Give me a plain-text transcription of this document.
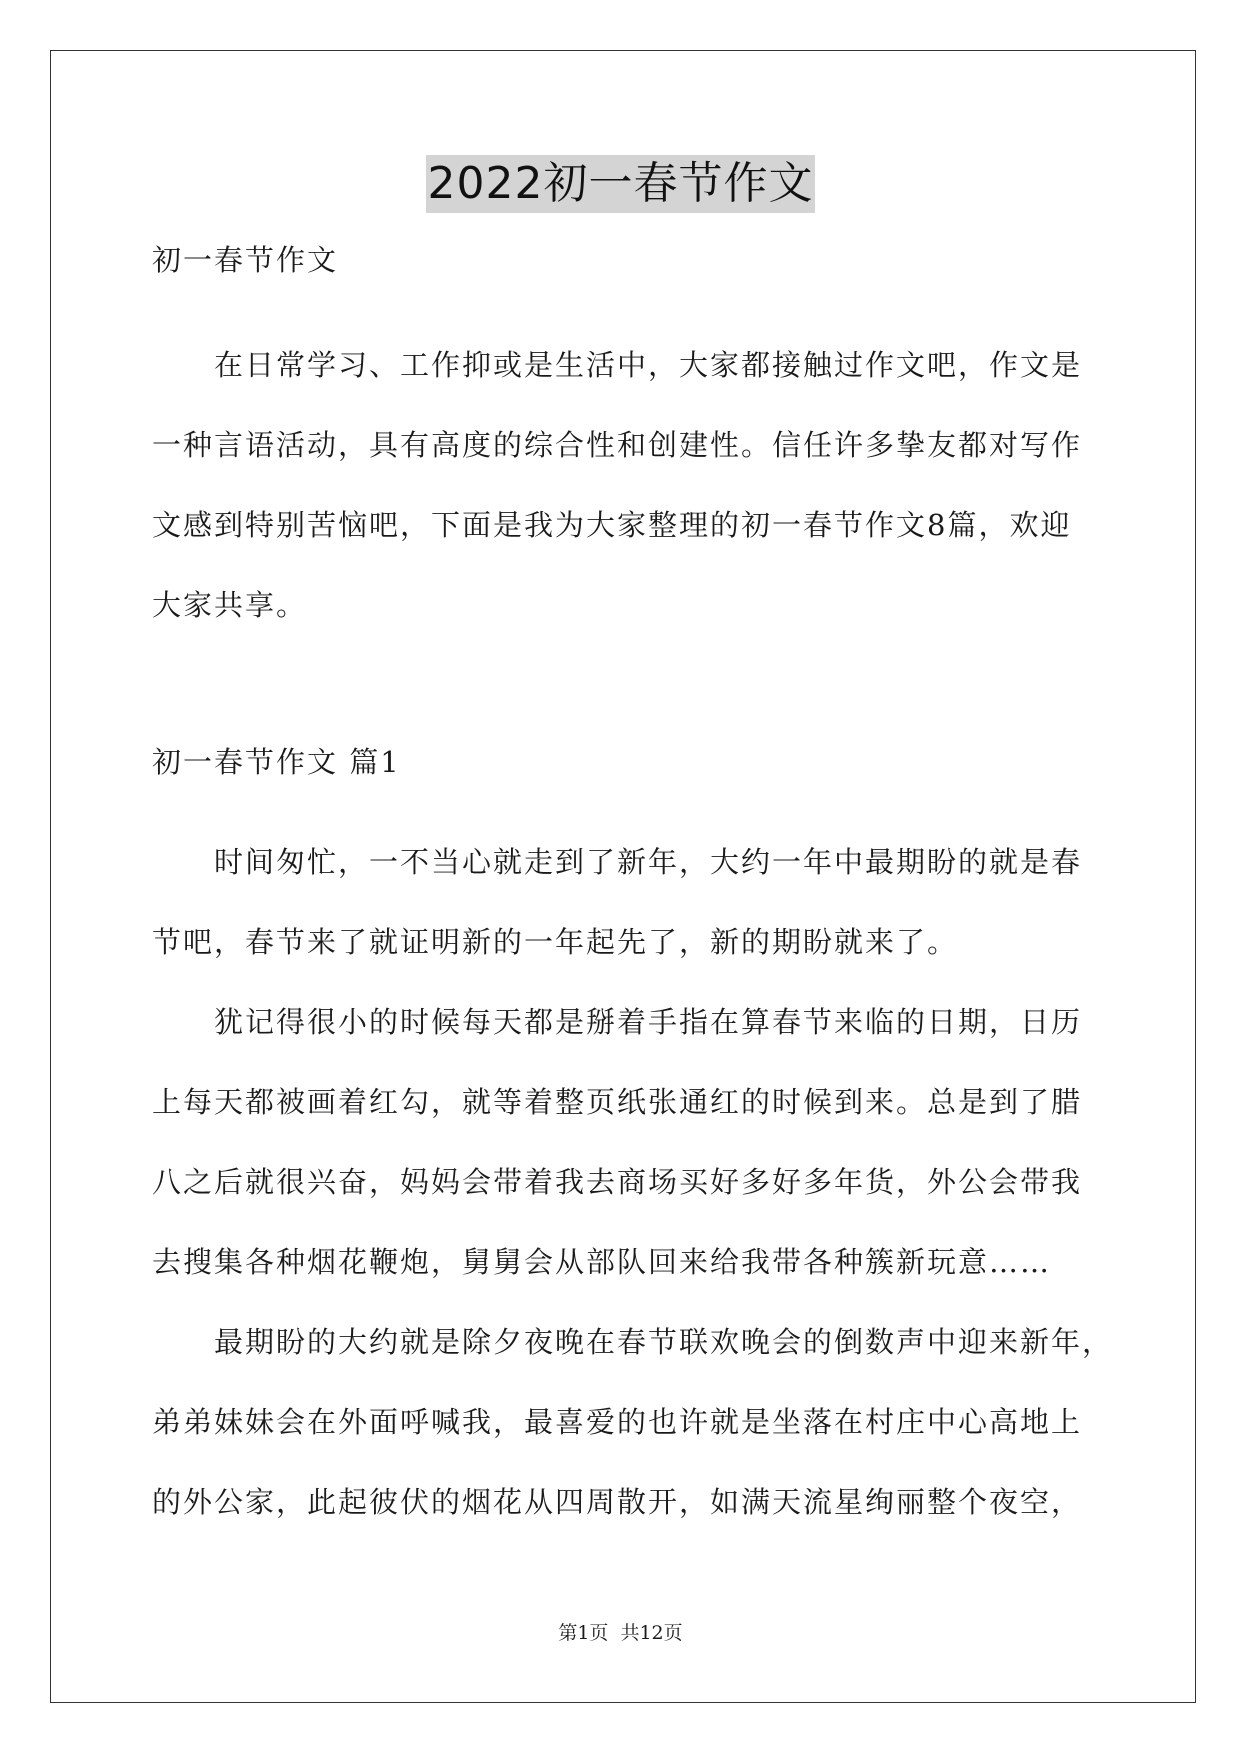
2022初一春节作文
初一春节作文
　　在日常学习、工作抑或是生活中，大家都接触过作文吧，作文是
一种言语活动，具有高度的综合性和创建性。信任许多挚友都对写作
文感到特别苦恼吧，下面是我为大家整理的初一春节作文8篇，欢迎
大家共享。
初一春节作文 篇1
　　时间匆忙，一不当心就走到了新年，大约一年中最期盼的就是春
节吧，春节来了就证明新的一年起先了，新的期盼就来了。
　　犹记得很小的时候每天都是掰着手指在算春节来临的日期，日历
上每天都被画着红勾，就等着整页纸张通红的时候到来。总是到了腊
八之后就很兴奋，妈妈会带着我去商场买好多好多年货，外公会带我
去搜集各种烟花鞭炮，舅舅会从部队回来给我带各种簇新玩意……
　　最期盼的大约就是除夕夜晚在春节联欢晚会的倒数声中迎来新年，
弟弟妹妹会在外面呼喊我，最喜爱的也许就是坐落在村庄中心高地上
的外公家，此起彼伏的烟花从四周散开，如满天流星绚丽整个夜空，
第1页 共12页
